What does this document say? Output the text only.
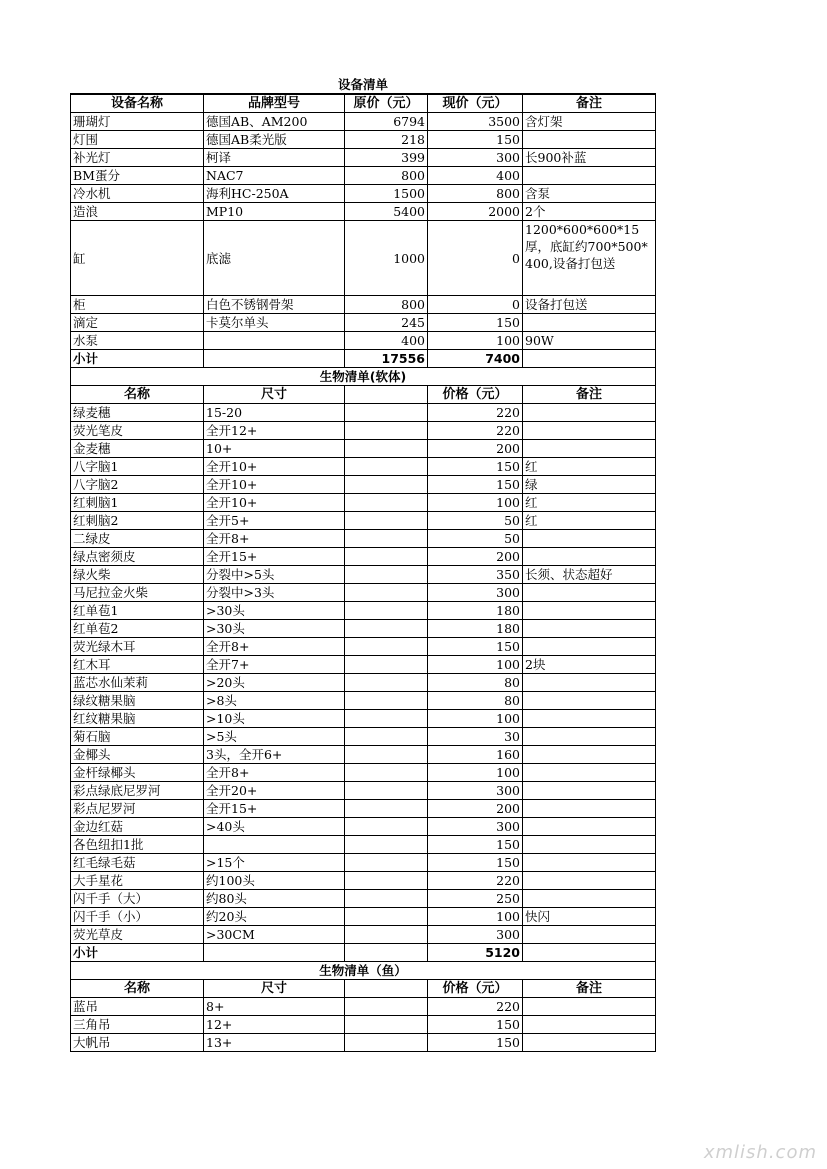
设备清单				
设备名称	品牌型号	原价（元）	现价（元）	备注
珊瑚灯	德国AB、AM200	6794	3500	含灯架
灯围	德国AB柔光版	218	150	
补光灯	柯译	399	300	长900补蓝
BM蛋分	NAC7	800	400	
冷水机	海利HC-250A	1500	800	含泵
造浪	MP10	5400	2000	2个
缸	底滤	1000	0	1200*600*600*15厚，底缸约700*500*400,设备打包送
柜	白色不锈钢骨架	800	0	设备打包送
滴定	卡莫尔单头	245	150	
水泵		400	100	90W
小计		17556	7400	
生物清单(软体)				
名称	尺寸		价格（元）	备注
绿麦穗	15-20		220	
荧光笔皮	全开12+		220	
金麦穗	10+		200	
八字脑1	全开10+		150	红
八字脑2	全开10+		150	绿
红刺脑1	全开10+		100	红
红刺脑2	全开5+		50	红
二绿皮	全开8+		50	
绿点密须皮	全开15+		200	
绿火柴	分裂中>5头		350	长须、状态超好
马尼拉金火柴	分裂中>3头		300	
红单苞1	>30头		180	
红单苞2	>30头		180	
荧光绿木耳	全开8+		150	
红木耳	全开7+		100	2块
蓝芯水仙茉莉	>20头		80	
绿纹糖果脑	>8头		80	
红纹糖果脑	>10头		100	
菊石脑	>5头		30	
金椰头	3头，全开6+		160	
金杆绿椰头	全开8+		100	
彩点绿底尼罗河	全开20+		300	
彩点尼罗河	全开15+		200	
金边红菇	>40头		300	
各色纽扣1批			150	
红毛绿毛菇	>15个		150	
大手星花	约100头		220	
闪千手（大）	约80头		250	
闪千手（小）	约20头		100	快闪
荧光草皮	>30CM		300	
小计			5120	
生物清单（鱼）				
名称	尺寸		价格（元）	备注
蓝吊	8+		220	
三角吊	12+		150	
大帆吊	13+		150	
xmlish.com
